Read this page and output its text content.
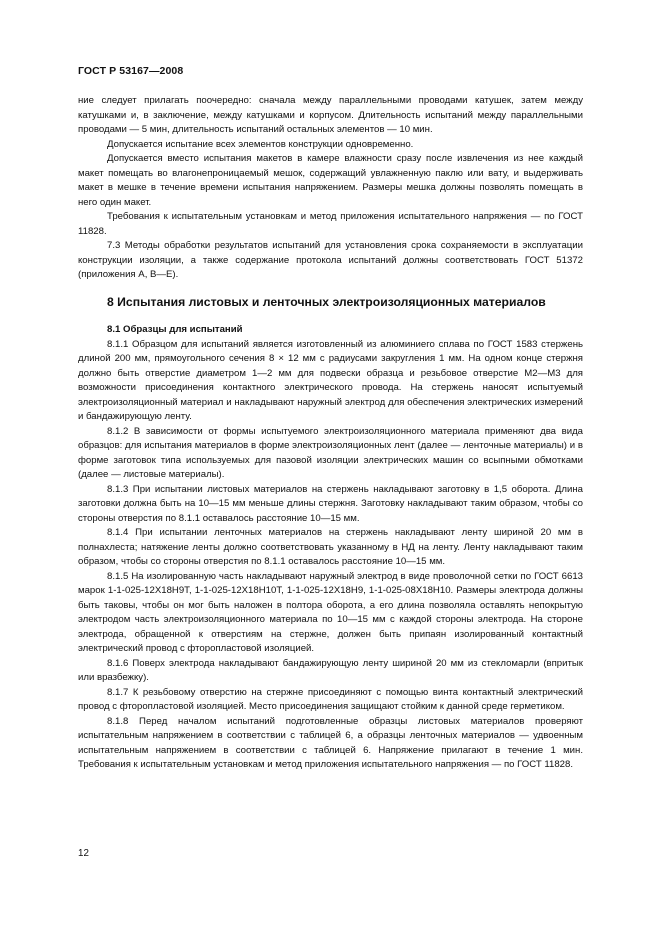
ГОСТ Р 53167—2008

ние следует прилагать поочередно: сначала между параллельными проводами катушек, затем между катушками и, в заключение, между катушками и корпусом. Длительность испытаний между параллельными проводами — 5 мин, длительность испытаний остальных элементов — 10 мин.

Допускается испытание всех элементов конструкции одновременно.

Допускается вместо испытания макетов в камере влажности сразу после извлечения из нее каждый макет помещать во влагонепроницаемый мешок, содержащий увлажненную паклю или вату, и выдерживать макет в мешке в течение времени испытания напряжением. Размеры мешка должны позволять помещать в него один макет.

Требования к испытательным установкам и метод приложения испытательного напряжения — по ГОСТ 11828.

7.3 Методы обработки результатов испытаний для установления срока сохраняемости в эксплуатации конструкции изоляции, а также содержание протокола испытаний должны соответствовать ГОСТ 51372 (приложения А, В—Е).

8 Испытания листовых и ленточных электроизоляционных материалов

8.1 Образцы для испытаний

8.1.1 Образцом для испытаний является изготовленный из алюминиего сплава по ГОСТ 1583 стержень длиной 200 мм, прямоугольного сечения 8 × 12 мм с радиусами закругления 1 мм. На одном конце стержня должно быть отверстие диаметром 1—2 мм для подвески образца и резьбовое отверстие М2—М3 для возможности присоединения контактного электрического провода. На стержень наносят испытуемый электроизоляционный материал и накладывают наружный электрод для обеспечения электрических измерений и бандажирующую ленту.

8.1.2 В зависимости от формы испытуемого электроизоляционного материала применяют два вида образцов: для испытания материалов в форме электроизоляционных лент (далее — ленточные материалы) и в форме заготовок типа используемых для пазовой изоляции электрических машин со всыпными обмотками (далее — листовые материалы).

8.1.3 При испытании листовых материалов на стержень накладывают заготовку в 1,5 оборота. Длина заготовки должна быть на 10—15 мм меньше длины стержня. Заготовку накладывают таким образом, чтобы со стороны отверстия по 8.1.1 оставалось расстояние 10—15 мм.

8.1.4 При испытании ленточных материалов на стержень накладывают ленту шириной 20 мм в полнахлеста; натяжение ленты должно соответствовать указанному в НД на ленту. Ленту накладывают таким образом, чтобы со стороны отверстия по 8.1.1 оставалось расстояние 10—15 мм.

8.1.5 На изолированную часть накладывают наружный электрод в виде проволочной сетки по ГОСТ 6613 марок 1-1-025-12Х18Н9Т, 1-1-025-12Х18Н10Т, 1-1-025-12Х18Н9, 1-1-025-08Х18Н10. Размеры электрода должны быть таковы, чтобы он мог быть наложен в полтора оборота, а его длина позволяла оставлять непокрытую электродом часть электроизоляционного материала по 10—15 мм с каждой стороны электрода. На стороне электрода, обращенной к отверстиям на стержне, должен быть припаян изолированный контактный электрический провод с фторопластовой изоляцией.

8.1.6 Поверх электрода накладывают бандажирующую ленту шириной 20 мм из стекломарли (впритык или вразбежку).

8.1.7 К резьбовому отверстию на стержне присоединяют с помощью винта контактный электрический провод с фторопластовой изоляцией. Место присоединения защищают стойким к данной среде герметиком.

8.1.8 Перед началом испытаний подготовленные образцы листовых материалов проверяют испытательным напряжением в соответствии с таблицей 6, а образцы ленточных материалов — удвоенным испытательным напряжением в соответствии с таблицей 6. Напряжение прилагают в течение 1 мин. Требования к испытательным установкам и метод приложения испытательного напряжения — по ГОСТ 11828.

12
